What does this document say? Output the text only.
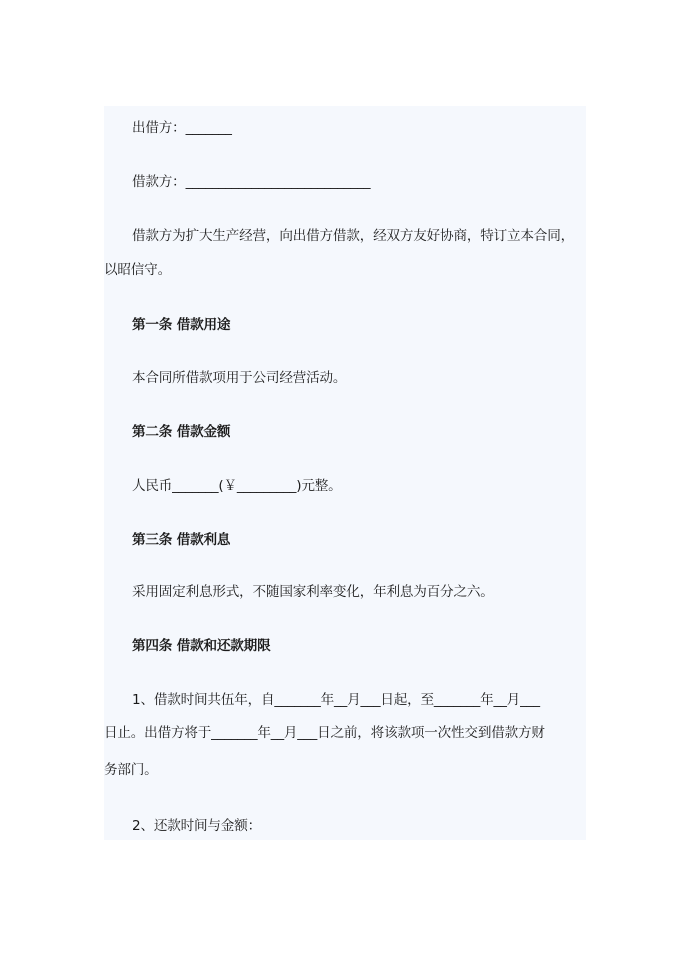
出借方：_______
借款方：____________________________
借款方为扩大生产经营，向出借方借款，经双方友好协商，特订立本合同，
以昭信守。
第一条 借款用途
本合同所借款项用于公司经营活动。
第二条 借款金额
人民币_______(￥_________)元整。
第三条 借款利息
采用固定利息形式，不随国家利率变化，年利息为百分之六。
第四条 借款和还款期限
1、借款时间共伍年，自_______年__月___日起，至_______年__月___
日止。出借方将于_______年__月___日之前，将该款项一次性交到借款方财
务部门。
2、还款时间与金额：
